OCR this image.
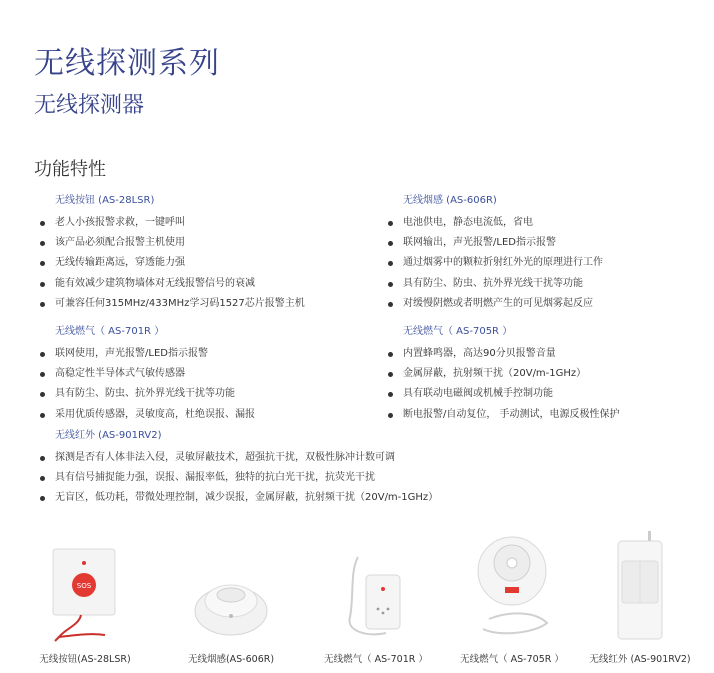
无线探测系列
无线探测器
功能特性
无线按钮 (AS-28LSR)
老人小孩报警求救，一键呼叫
该产品必须配合报警主机使用
无线传输距离远，穿透能力强
能有效减少建筑物墙体对无线报警信号的衰减
可兼容任何315MHz/433MHz学习码1527芯片报警主机
无线烟感 (AS-606R)
电池供电，静态电流低，省电
联网输出，声光报警/LED指示报警
通过烟雾中的颗粒折射红外光的原理进行工作
具有防尘、防虫、抗外界光线干扰等功能
对缓慢阴燃或者明燃产生的可见烟雾起反应
无线燃气（ AS-701R ）
联网使用，声光报警/LED指示报警
高稳定性半导体式气敏传感器
具有防尘、防虫、抗外界光线干扰等功能
采用优质传感器，灵敏度高，杜绝误报、漏报
无线燃气（ AS-705R ）
内置蜂鸣器，高达90分贝报警音量
金属屏蔽，抗射频干扰（20V/m-1GHz）
具有联动电磁阀或机械手控制功能
断电报警/自动复位， 手动测试，电源反极性保护
无线红外 (AS-901RV2)
探测是否有人体非法入侵，灵敏屏蔽技术，超强抗干扰，双极性脉冲计数可调
具有信号捕捉能力强，误报、漏报率低，独特的抗白光干扰，抗荧光干扰
无盲区，低功耗，带微处理控制，减少误报，金属屏蔽，抗射频干扰（20V/m-1GHz）
SOS
无线按钮(AS-28LSR)	无线烟感(AS-606R)	无线燃气（ AS-701R ）	无线燃气（ AS-705R ）	无线红外 (AS-901RV2)
